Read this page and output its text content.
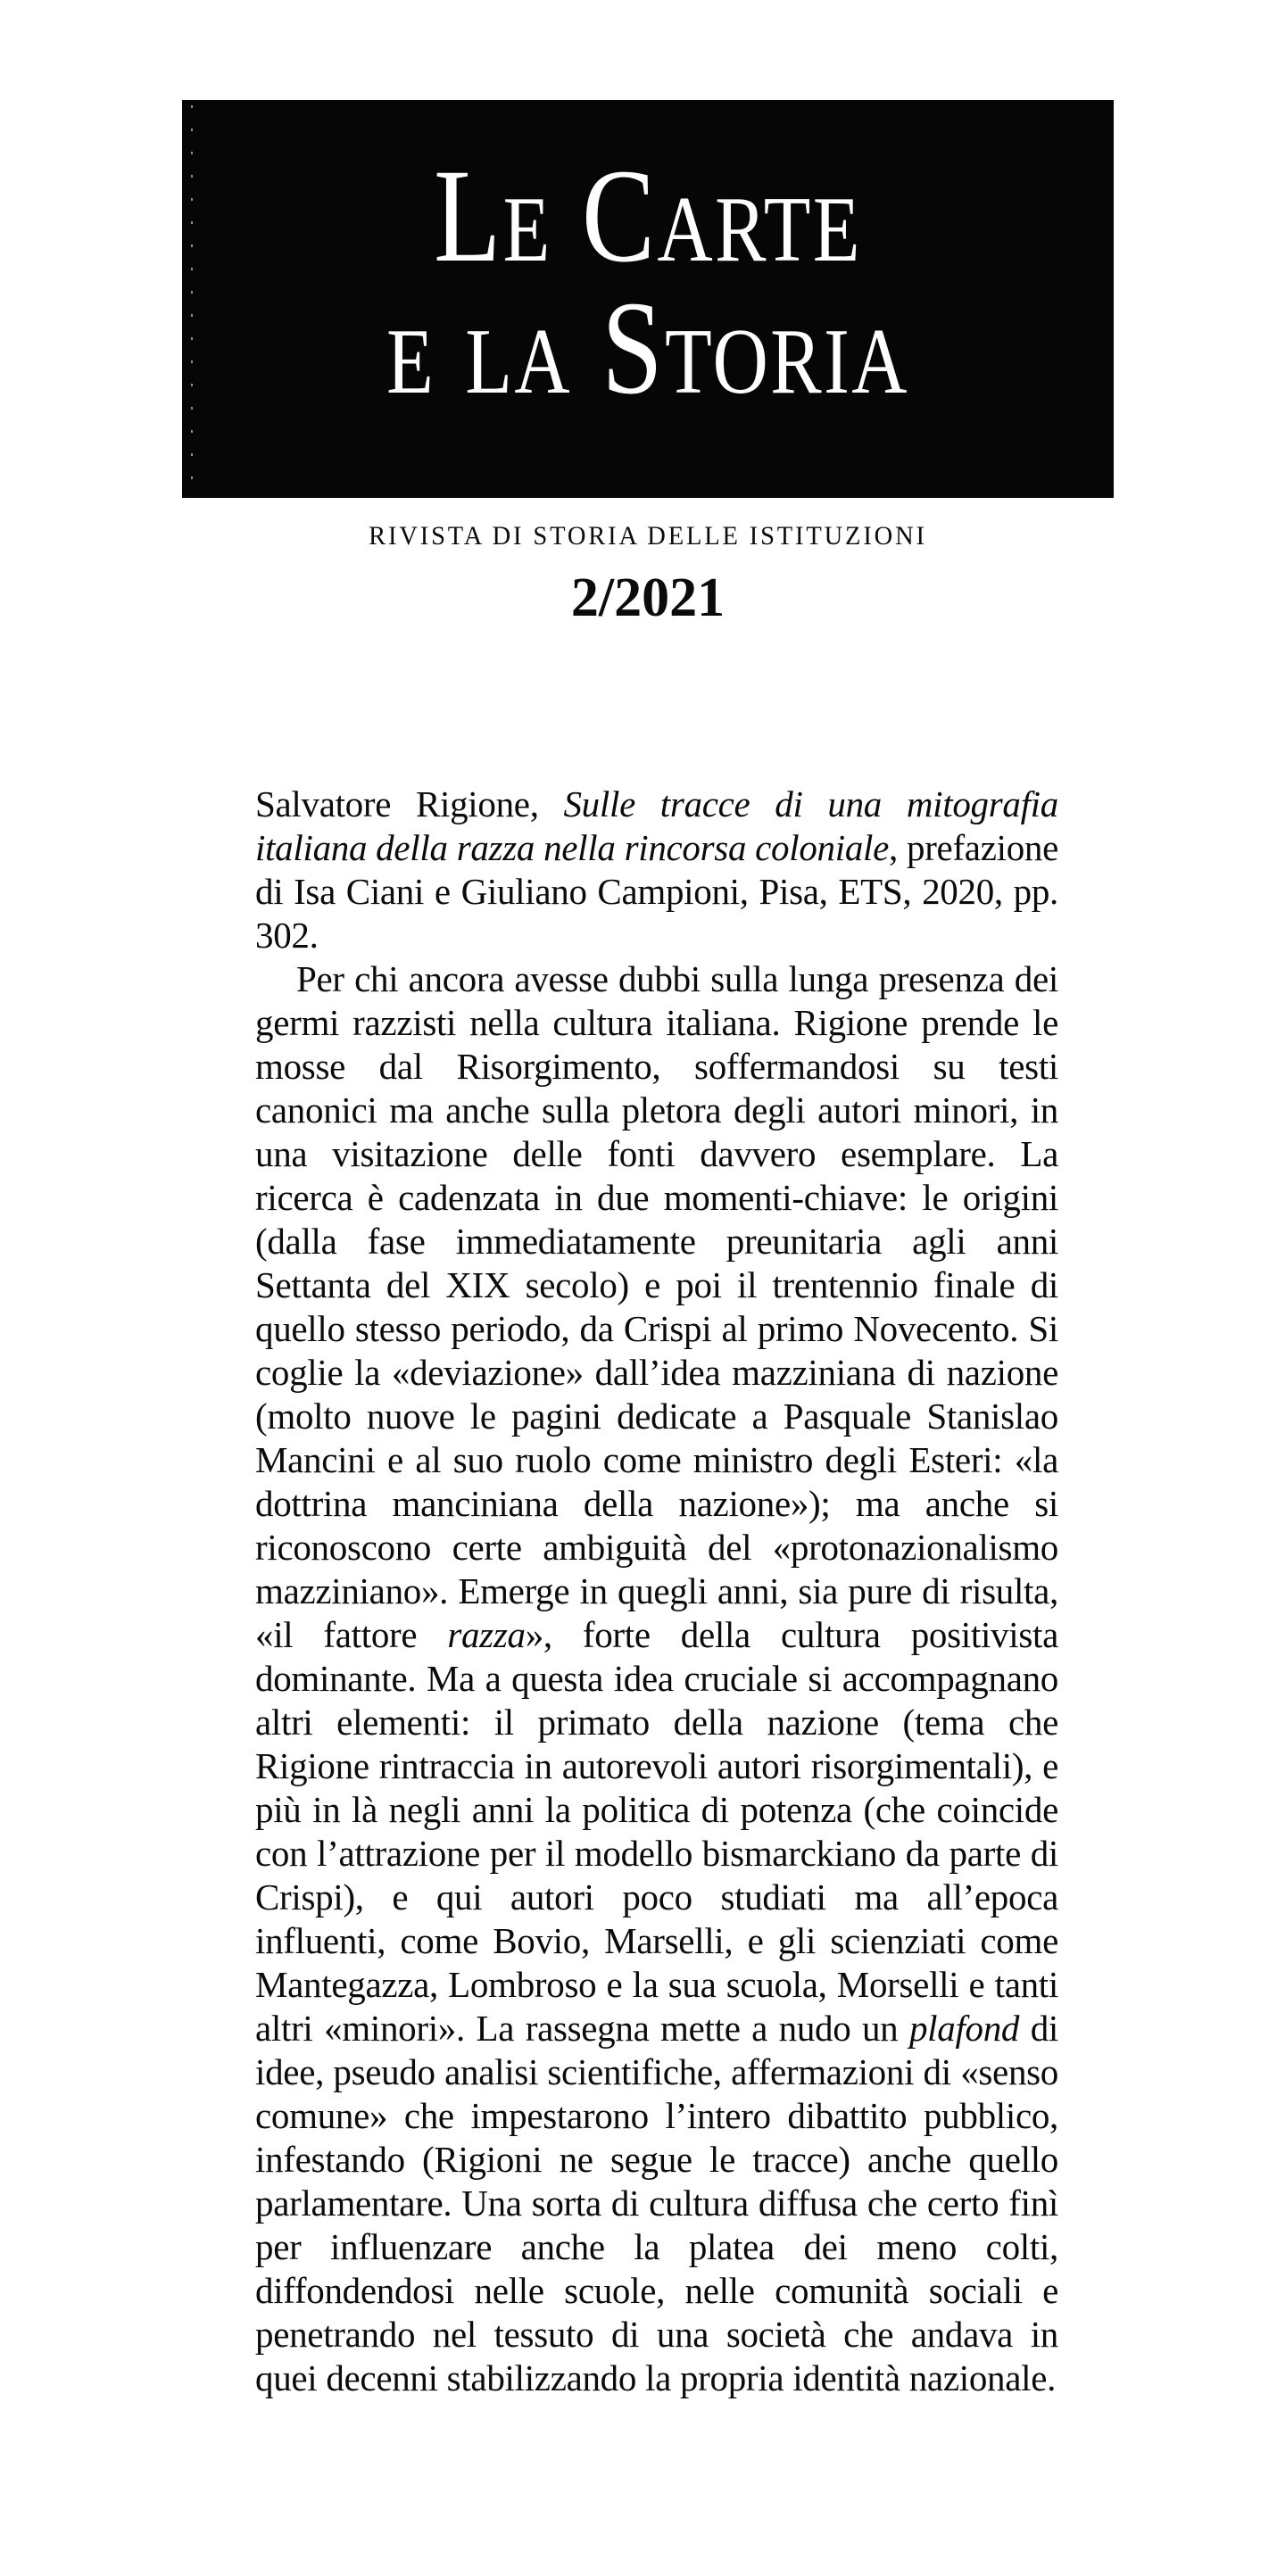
Le Carte
e la Storia
RIVISTA DI STORIA DELLE ISTITUZIONI
2/2021

Salvatore Rigione, Sulle tracce di una mitografia italiana della razza nella rincorsa coloniale, prefazione di Isa Ciani e Giuliano Campioni, Pisa, ETS, 2020, pp. 302.

Per chi ancora avesse dubbi sulla lunga presenza dei germi razzisti nella cultura italiana. Rigione prende le mosse dal Risorgimento, soffermandosi su testi canonici ma anche sulla pletora degli autori minori, in una visitazione delle fonti davvero esemplare. La ricerca è cadenzata in due momenti-chiave: le origini (dalla fase immediatamente preunitaria agli anni Settanta del XIX secolo) e poi il trentennio finale di quello stesso periodo, da Crispi al primo Novecento. Si coglie la «deviazione» dall’idea mazziniana di nazione (molto nuove le pagini dedicate a Pasquale Stanislao Mancini e al suo ruolo come ministro degli Esteri: «la dottrina manciniana della nazione»); ma anche si riconoscono certe ambiguità del «protonazionalismo mazziniano». Emerge in quegli anni, sia pure di risulta, «il fattore razza», forte della cultura positivista dominante. Ma a questa idea cruciale si accompagnano altri elementi: il primato della nazione (tema che Rigione rintraccia in autorevoli autori risorgimentali), e più in là negli anni la politica di potenza (che coincide con l’attrazione per il modello bismarckiano da parte di Crispi), e qui autori poco studiati ma all’epoca influenti, come Bovio, Marselli, e gli scienziati come Mantegazza, Lombroso e la sua scuola, Morselli e tanti altri «minori». La rassegna mette a nudo un plafond di idee, pseudo analisi scientifiche, affermazioni di «senso comune» che impestarono l’intero dibattito pubblico, infestando (Rigioni ne segue le tracce) anche quello parlamentare. Una sorta di cultura diffusa che certo finì per influenzare anche la platea dei meno colti, diffondendosi nelle scuole, nelle comunità sociali e penetrando nel tessuto di una società che andava in quei decenni stabilizzando la propria identità nazionale.
